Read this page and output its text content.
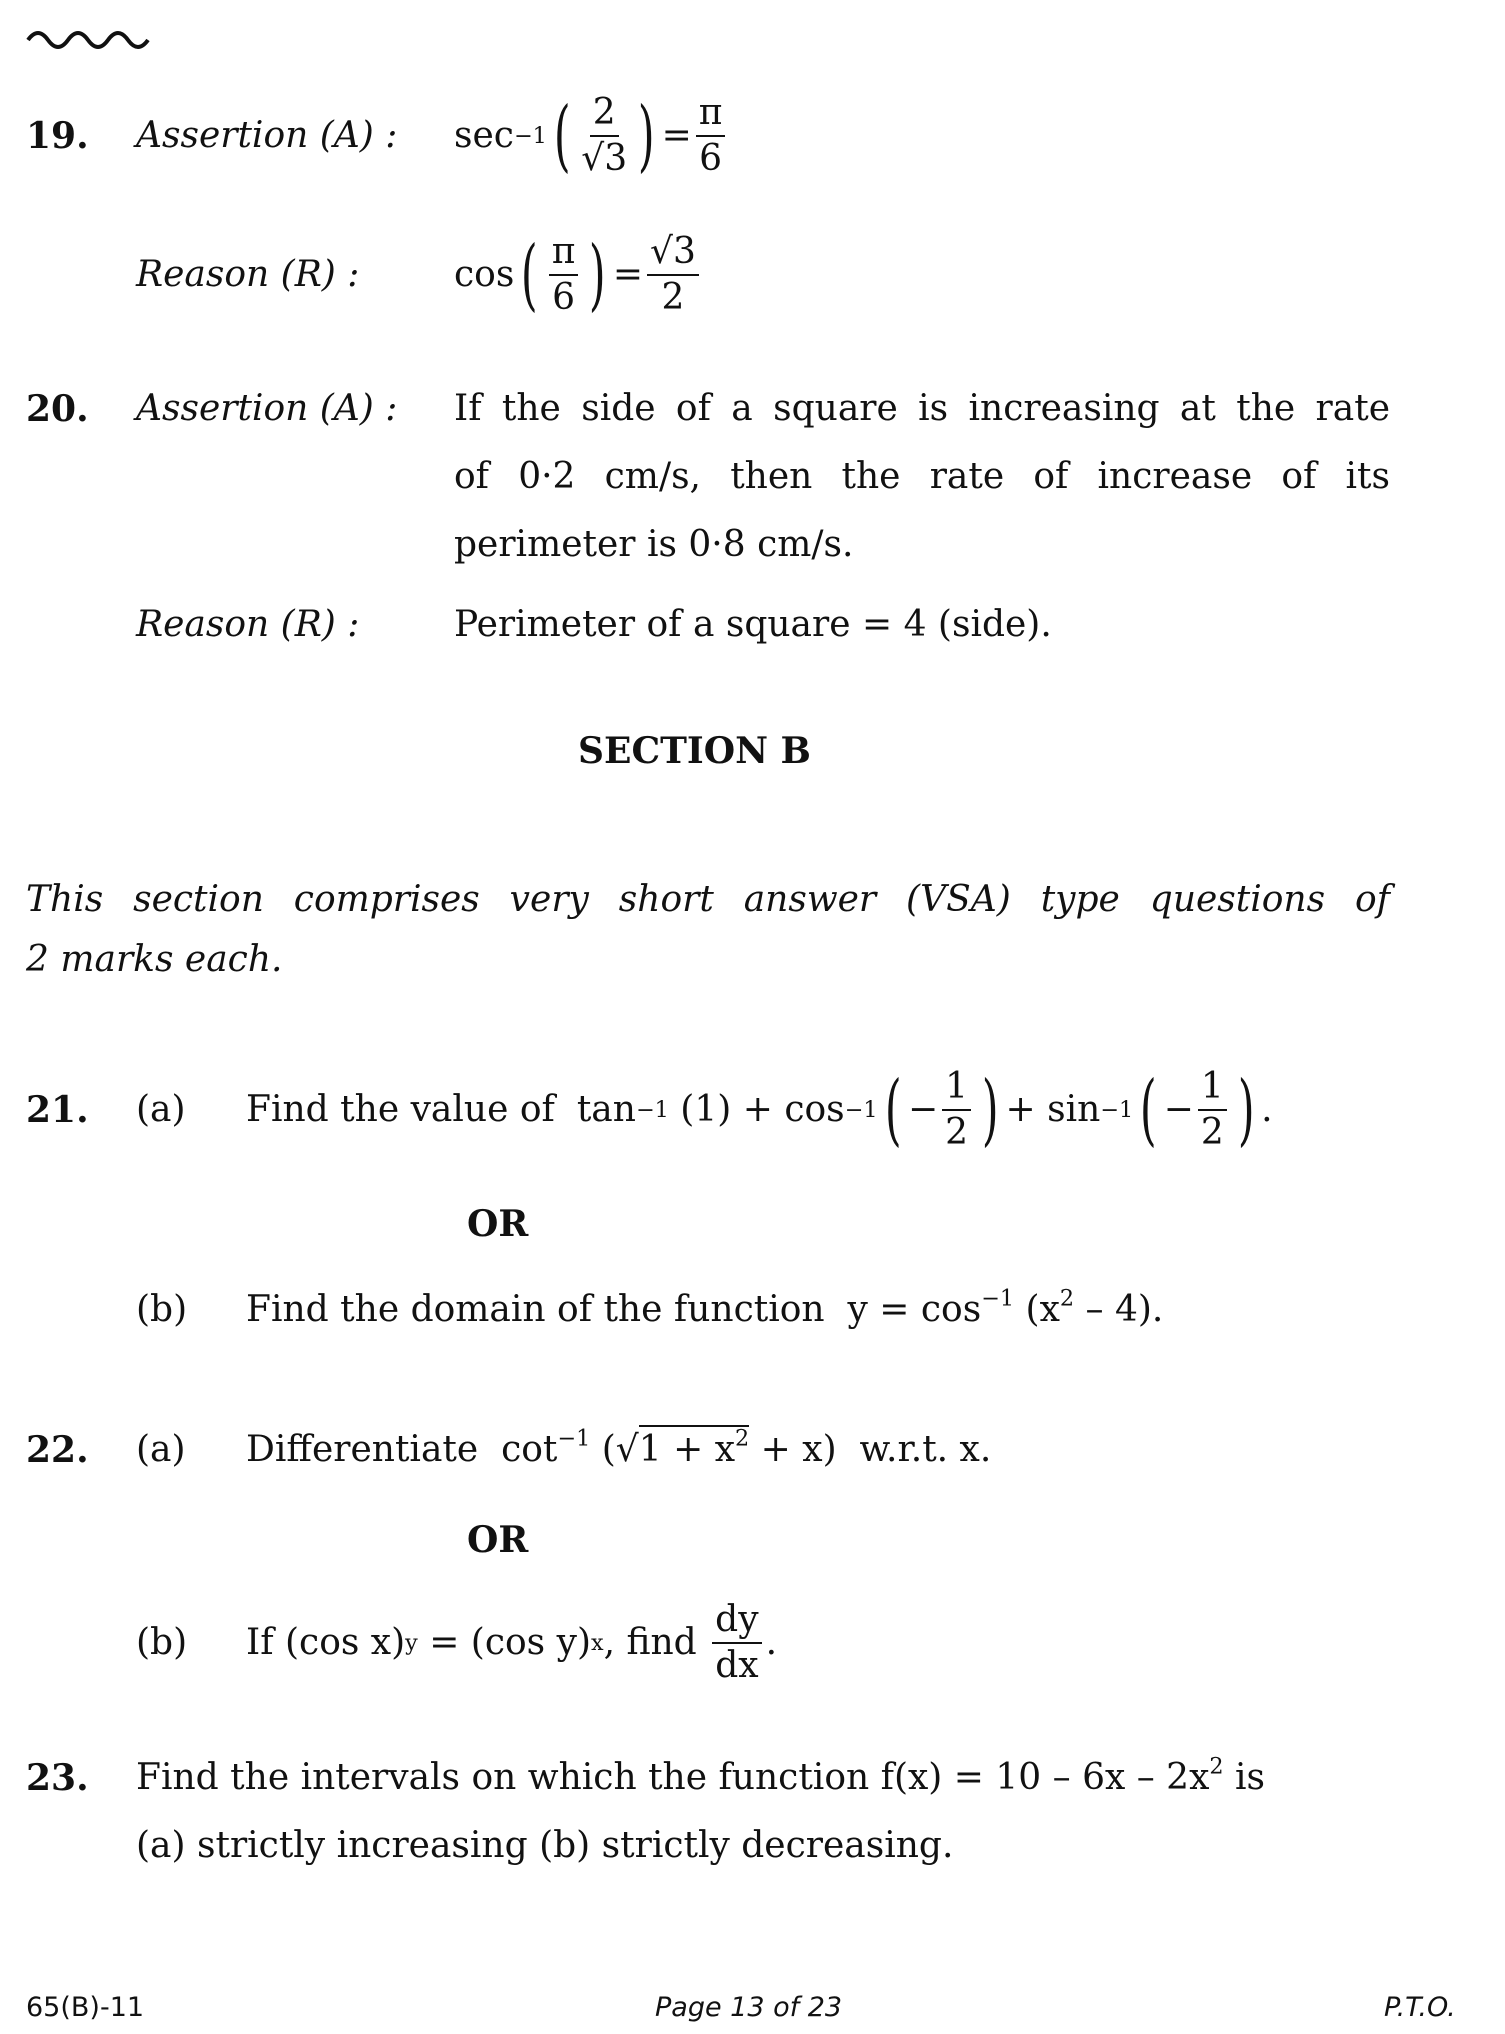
19. Assertion (A) : sec −1 ( $\frac{2}{√3}$ ) = $\frac{\pi}{6}$
Reason (R) :	cos ( $\frac{\pi}{6}$ ) = $\frac{√3}{2}$
20. Assertion (A) : If the side of a square is increasing at the rate
of 0·2 cm/s, then the rate of increase of its
perimeter is 0·8 cm/s.
Reason (R) :	Perimeter of a square = 4 (side).
SECTION B
This section comprises very short answer (VSA) type questions of
2 marks each.
21. (a) Find the value of tan −1
(1) + cos −1 ( − $\frac{1}{2}$ ) + sin −1 ( − $\frac{1}{2}$ ) .
OR
(b) Find the domain of the function $y = \cos^{-1} (x^2 - 4)$.
22. (a) Differentiate $\cot^{-1} (√1 + x^2 + x)$ w.r.t. x.
OR
(b) If (cos x) y = (cos y) x , find
$\frac{dy}{dx}$ .
23. Find the intervals on which the function $f(x) = 10 - 6x - 2x^2$ is
(a) strictly increasing (b) strictly decreasing.
65(B)-11	Page 13 of 23	P.T.O.
